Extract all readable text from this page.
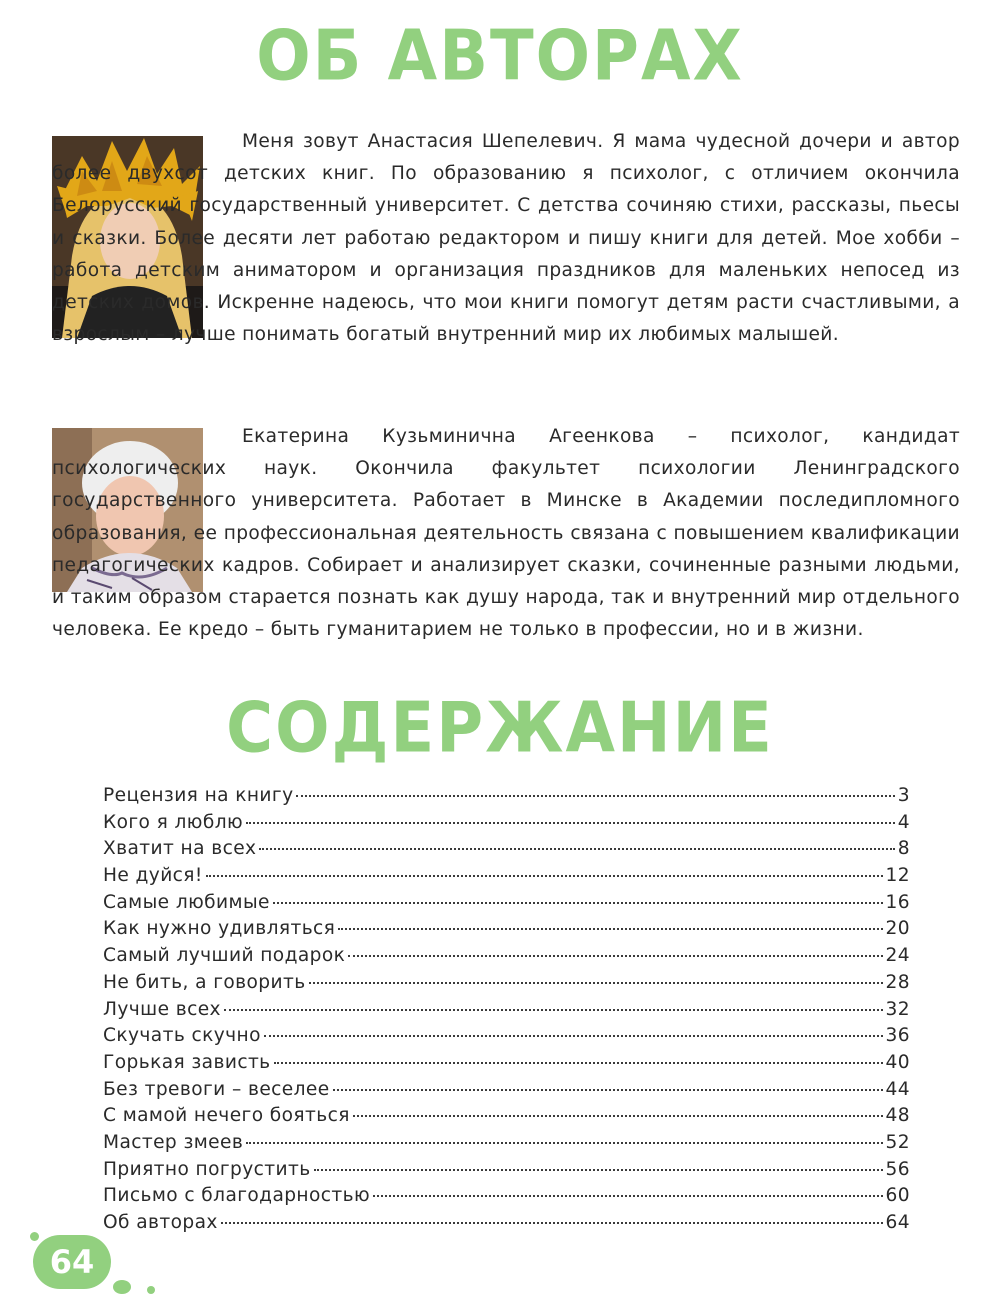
ОБ АВТОРАХ

Меня зовут Анастасия Шепелевич. Я мама чудесной дочери и автор более двухсот детских книг. По образованию я психолог, с отличием окончила Белорусский государственный университет. С детства сочиняю стихи, рассказы, пьесы и сказки. Более десяти лет работаю редактором и пишу книги для детей. Мое хобби – работа детским аниматором и организация праздников для маленьких непосед из детских домов. Искренне надеюсь, что мои книги помогут детям расти счастливыми, а взрослым – лучше понимать богатый внутренний мир их любимых малышей.

Екатерина Кузьминична Агеенкова – психолог, кандидат психологических наук. Окончила факультет психологии Ленинградского государственного университета. Работает в Минске в Академии последипломного образования, ее профессиональная деятельность связана с повышением квалификации педагогических кадров. Собирает и анализирует сказки, сочиненные разными людьми, и таким образом старается познать как душу народа, так и внутренний мир отдельного человека. Ее кредо – быть гуманитарием не только в профессии, но и в жизни.

СОДЕРЖАНИЕ
Рецензия на книгу	3
Кого я люблю	4
Хватит на всех	8
Не дуйся!	12
Самые любимые	16
Как нужно удивляться	20
Самый лучший подарок	24
Не бить, а говорить	28
Лучше всех	32
Скучать скучно	36
Горькая зависть	40
Без тревоги – веселее	44
С мамой нечего бояться	48
Мастер змеев	52
Приятно погрустить	56
Письмо с благодарностью	60
Об авторах	64
64
